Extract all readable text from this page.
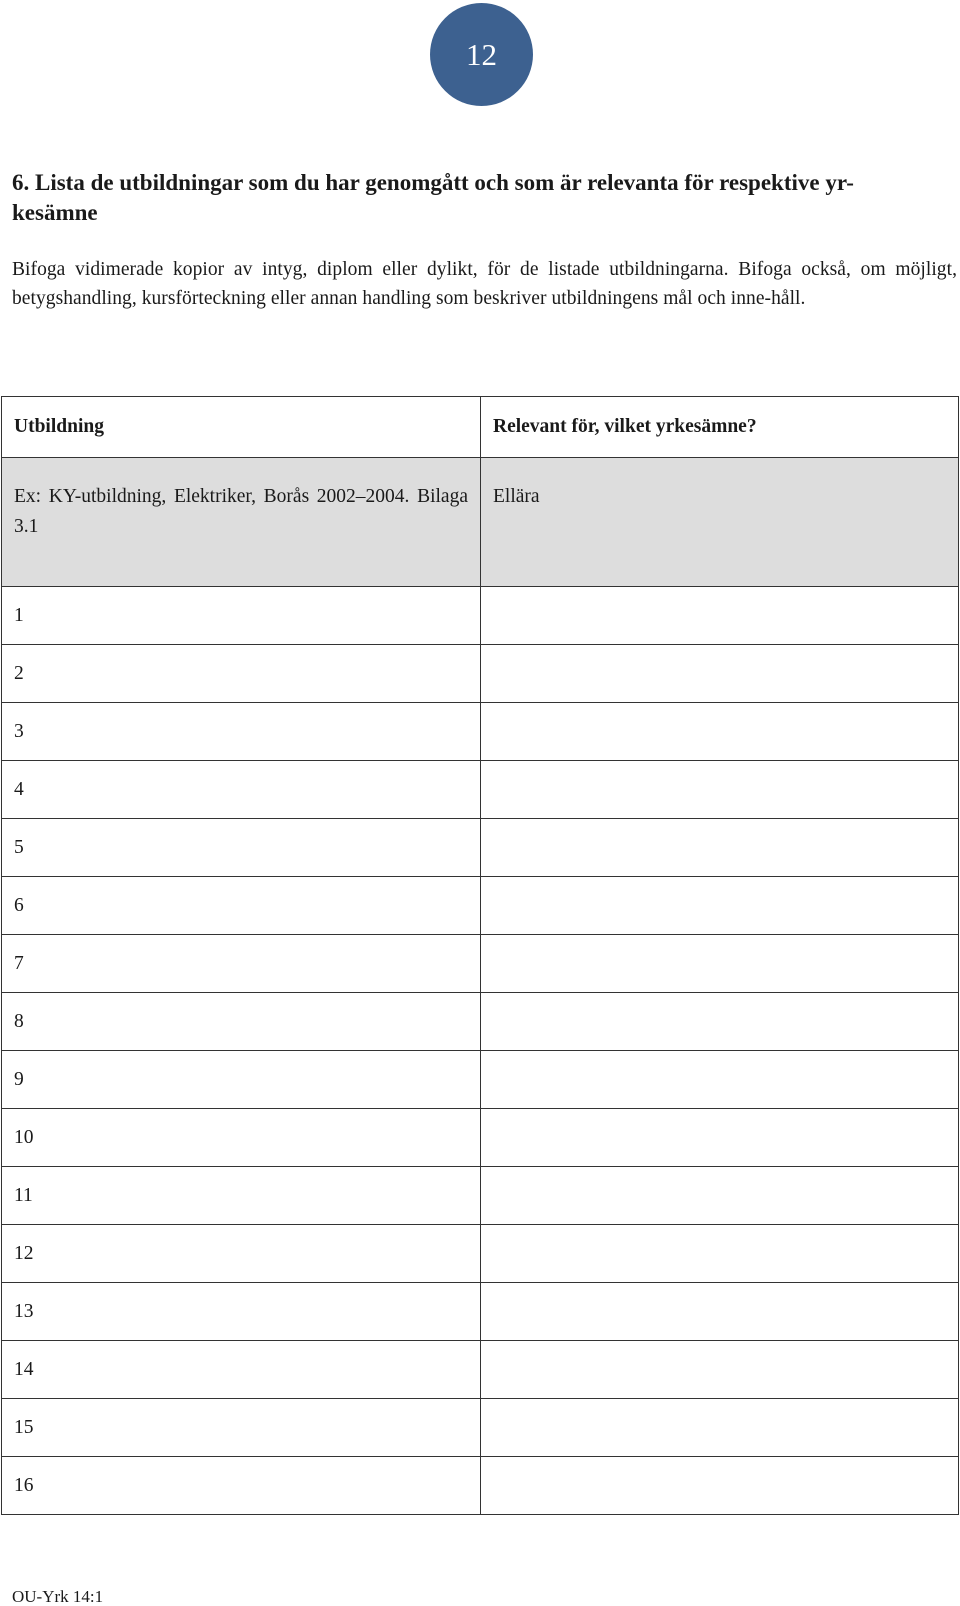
12
6. Lista de utbildningar som du har genomgått och som är relevanta för respektive yr-kesämne

Bifoga vidimerade kopior av intyg, diplom eller dylikt, för de listade utbildningarna. Bifoga också, om möjligt, betygshandling, kursförteckning eller annan handling som beskriver utbildningens mål och inne-håll.

Utbildning	Relevant för, vilket yrkesämne?
Ex: KY-utbildning, Elektriker, Borås 2002–2004. Bilaga 3.1	Ellära
1	
2	
3	
4	
5	
6	
7	
8	
9	
10	
11	
12	
13	
14	
15	
16	
OU-Yrk 14:1
